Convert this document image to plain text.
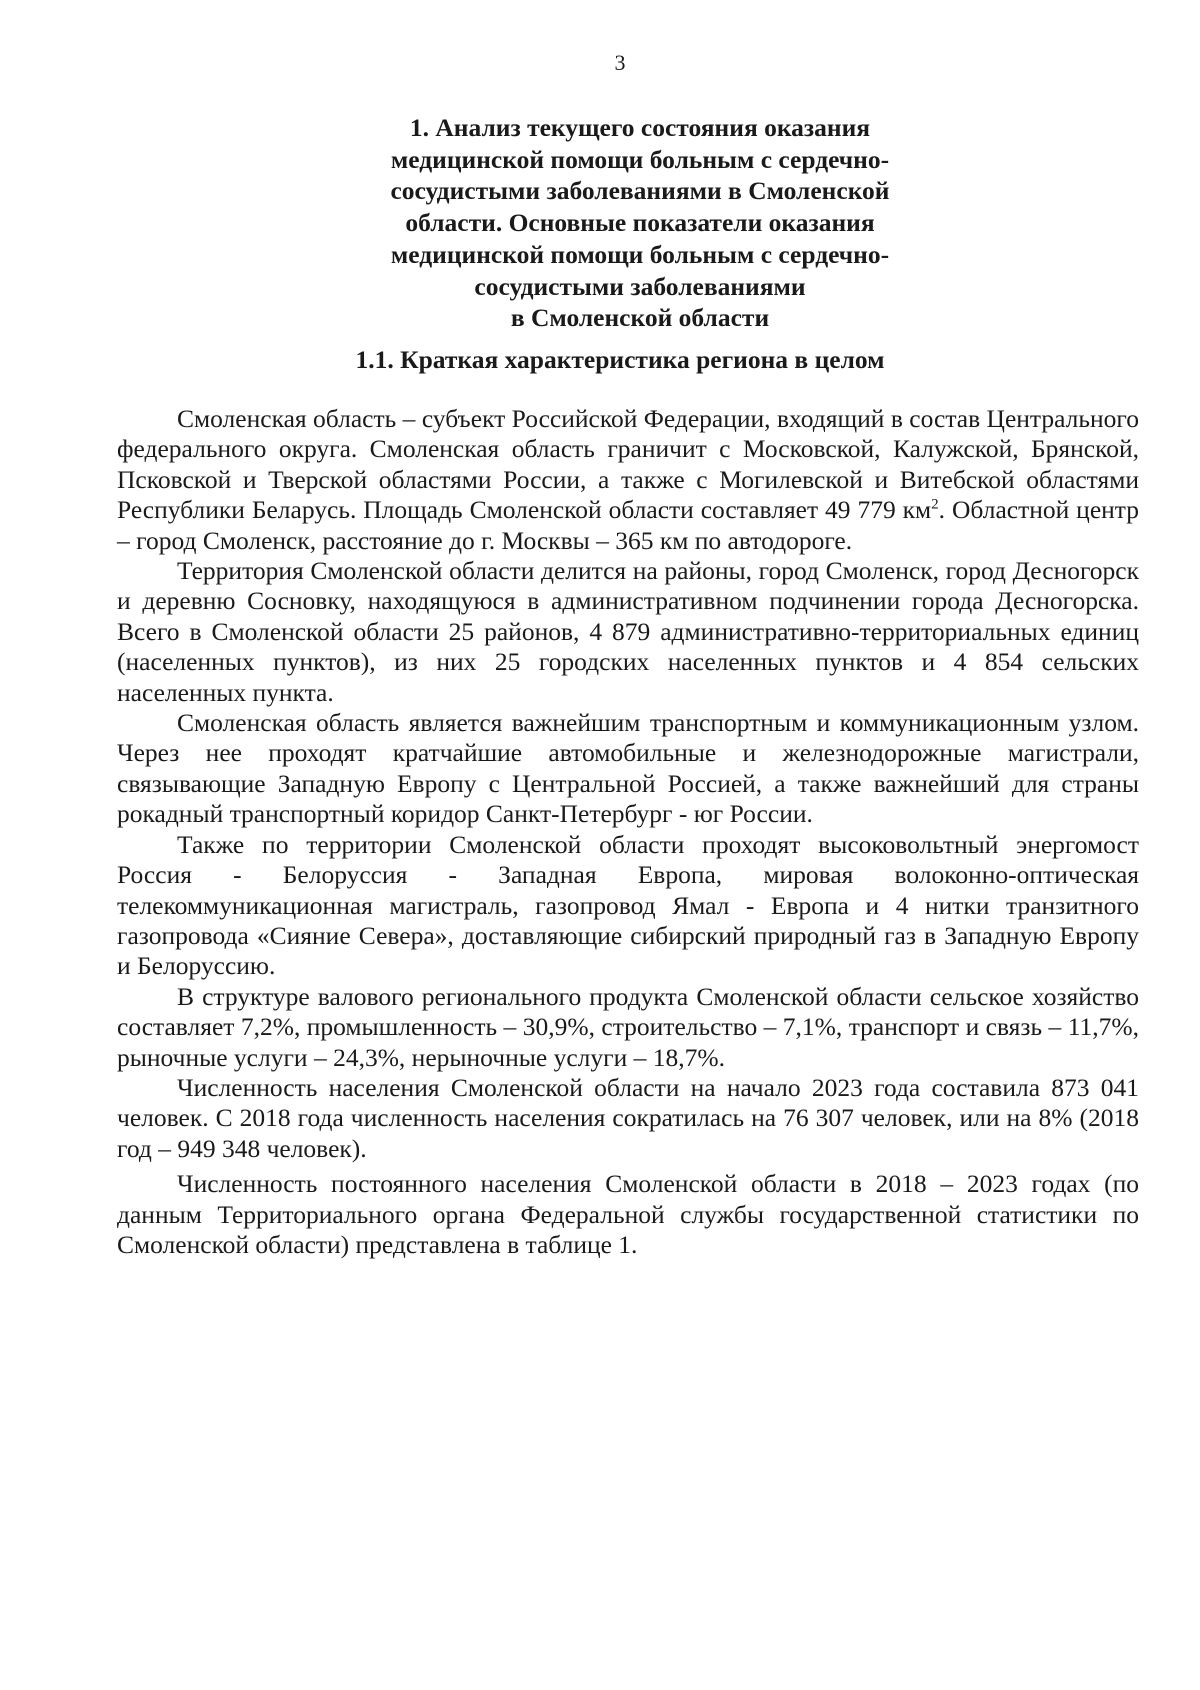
3
1. Анализ текущего состояния оказания
медицинской помощи больным с сердечно-
сосудистыми заболеваниями в Смоленской
области. Основные показатели оказания
медицинской помощи больным с сердечно-
сосудистыми заболеваниями
в Смоленской области
1.1. Краткая характеристика региона в целом

Смоленская область – субъект Российской Федерации, входящий в состав Центрального федерального округа. Смоленская область граничит с Московской, Калужской, Брянской, Псковской и Тверской областями России, а также с Могилевской и Витебской областями Республики Беларусь. Площадь Смоленской области составляет 49 779 $км^2$. Областной центр – город Смоленск, расстояние до г. Москвы – 365 км по автодороге.

Территория Смоленской области делится на районы, город Смоленск, город Десногорск и деревню Сосновку, находящуюся в административном подчинении города Десногорска. Всего в Смоленской области 25 районов, 4 879 административно-территориальных единиц (населенных пунктов), из них 25 городских населенных пунктов и 4 854 сельских населенных пункта.

Смоленская область является важнейшим транспортным и коммуникационным узлом. Через нее проходят кратчайшие автомобильные и железнодорожные магистрали, связывающие Западную Европу с Центральной Россией, а также важнейший для страны рокадный транспортный коридор Санкт-Петербург - юг России.

Также по территории Смоленской области проходят высоковольтный энергомост Россия - Белоруссия - Западная Европа, мировая волоконно-оптическая телекоммуникационная магистраль, газопровод Ямал - Европа и 4 нитки транзитного газопровода «Сияние Севера», доставляющие сибирский природный газ в Западную Европу и Белоруссию.

В структуре валового регионального продукта Смоленской области сельское хозяйство составляет 7,2%, промышленность – 30,9%, строительство – 7,1%, транспорт и связь – 11,7%, рыночные услуги – 24,3%, нерыночные услуги – 18,7%.

Численность населения Смоленской области на начало 2023 года составила 873 041 человек. С 2018 года численность населения сократилась на 76 307 человек, или на 8% (2018 год – 949 348 человек).

Численность постоянного населения Смоленской области в 2018 – 2023 годах (по данным Территориального органа Федеральной службы государственной статистики по Смоленской области) представлена в таблице 1.
